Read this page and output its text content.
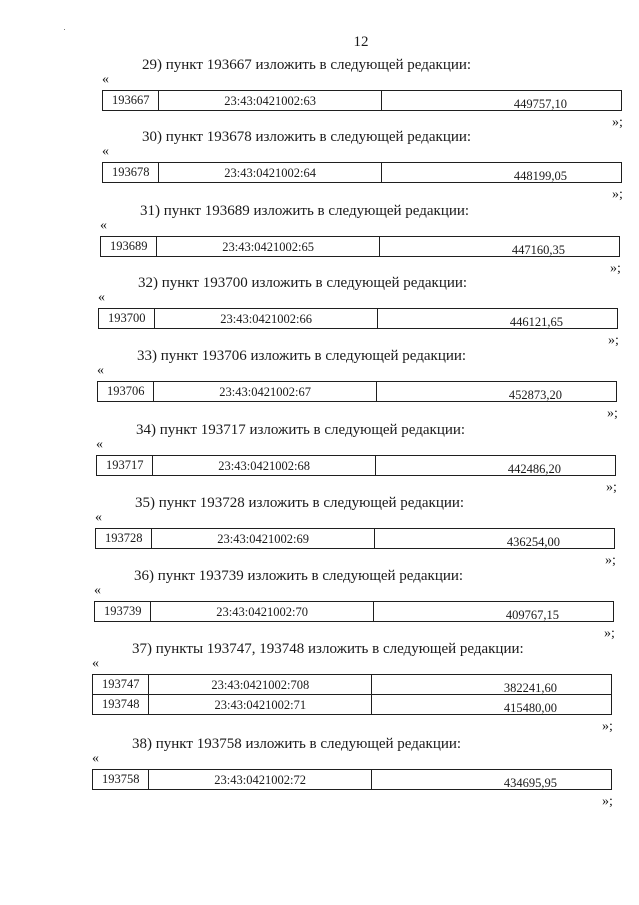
12
29) пункт 193667 изложить в следующей редакции:
«
193667	23:43:0421002:63	449757,10
»;
30) пункт 193678 изложить в следующей редакции:
«
193678	23:43:0421002:64	448199,05
»;
31) пункт 193689 изложить в следующей редакции:
«
193689	23:43:0421002:65	447160,35
»;
32) пункт 193700 изложить в следующей редакции:
«
193700	23:43:0421002:66	446121,65
»;
33) пункт 193706 изложить в следующей редакции:
«
193706	23:43:0421002:67	452873,20
»;
34) пункт 193717 изложить в следующей редакции:
«
193717	23:43:0421002:68	442486,20
»;
35) пункт 193728 изложить в следующей редакции:
«
193728	23:43:0421002:69	436254,00
»;
36) пункт 193739 изложить в следующей редакции:
«
193739	23:43:0421002:70	409767,15
»;
37) пункты 193747, 193748 изложить в следующей редакции:
«
193747	23:43:0421002:708	382241,60
193748	23:43:0421002:71	415480,00
»;
38) пункт 193758 изложить в следующей редакции:
«
193758	23:43:0421002:72	434695,95
»;
